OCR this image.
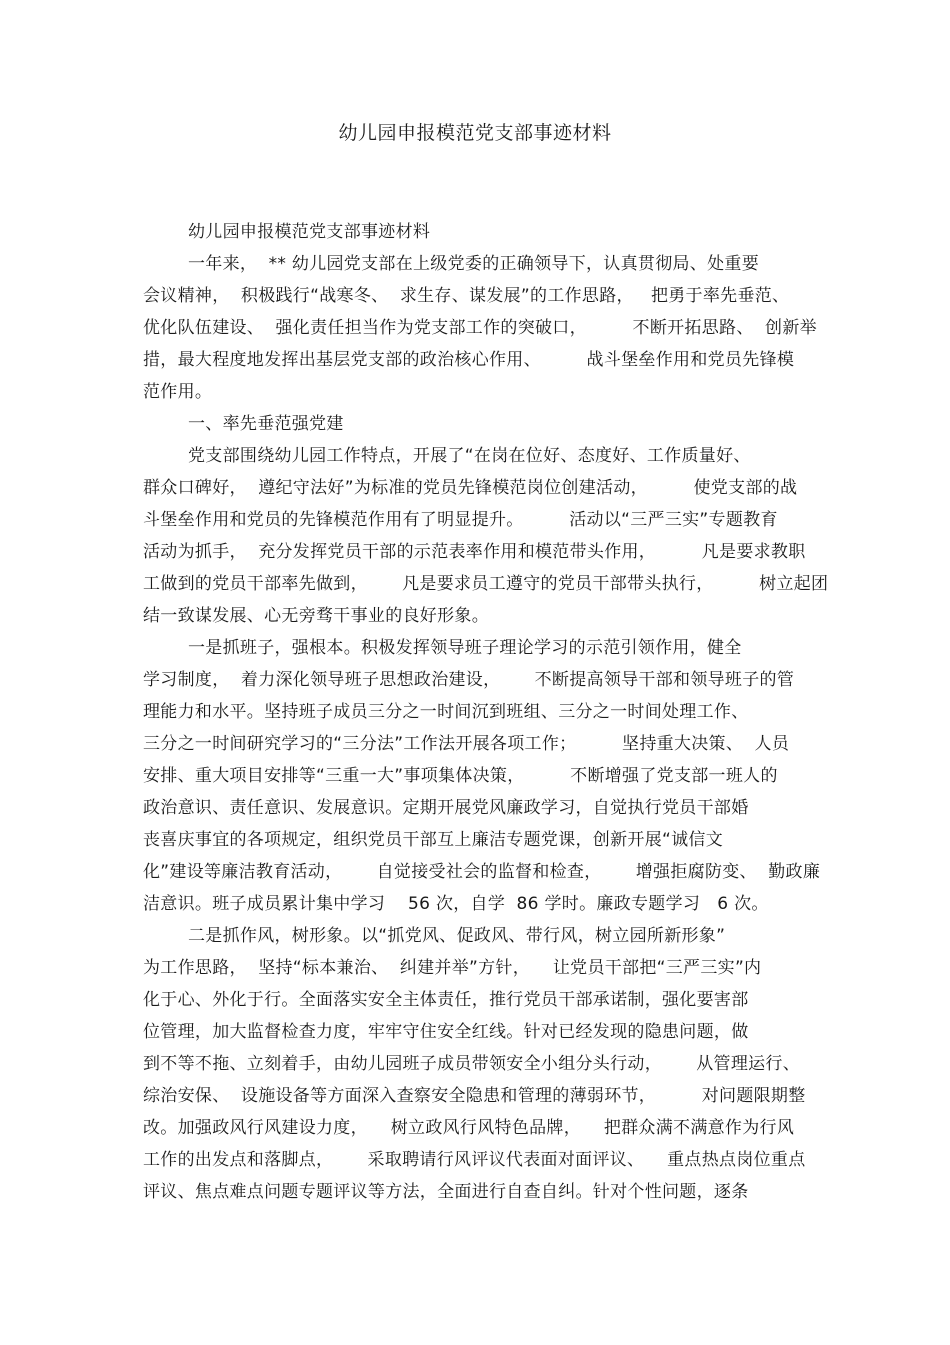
幼儿园申报模范党支部事迹材料
幼儿园申报模范党支部事迹材料
一年来，  ** 幼儿园党支部在上级党委的正确领导下，认真贯彻局、处重要
会议精神，  积极践行“战寒冬、  求生存、谋发展”的工作思路，   把勇于率先垂范、
优化队伍建设、  强化责任担当作为党支部工作的突破口，        不断开拓思路、  创新举
措，最大程度地发挥出基层党支部的政治核心作用、        战斗堡垒作用和党员先锋模
范作用。
一、率先垂范强党建
党支部围绕幼儿园工作特点，开展了“在岗在位好、态度好、工作质量好、
群众口碑好，  遵纪守法好”为标准的党员先锋模范岗位创建活动，        使党支部的战
斗堡垒作用和党员的先锋模范作用有了明显提升。        活动以“三严三实”专题教育
活动为抓手，  充分发挥党员干部的示范表率作用和模范带头作用，        凡是要求教职
工做到的党员干部率先做到，      凡是要求员工遵守的党员干部带头执行，        树立起团
结一致谋发展、心无旁骛干事业的良好形象。
一是抓班子，强根本。积极发挥领导班子理论学习的示范引领作用，健全
学习制度，  着力深化领导班子思想政治建设，      不断提高领导干部和领导班子的管
理能力和水平。坚持班子成员三分之一时间沉到班组、三分之一时间处理工作、
三分之一时间研究学习的“三分法”工作法开展各项工作；        坚持重大决策、  人员
安排、重大项目安排等“三重一大”事项集体决策，        不断增强了党支部一班人的
政治意识、责任意识、发展意识。定期开展党风廉政学习，自觉执行党员干部婚
丧喜庆事宜的各项规定，组织党员干部互上廉洁专题党课，创新开展“诚信文
化”建设等廉洁教育活动，      自觉接受社会的监督和检查，      增强拒腐防变、  勤政廉
洁意识。班子成员累计集中学习    56 次，自学  86 学时。廉政专题学习   6 次。
二是抓作风，树形象。以“抓党风、促政风、带行风，树立园所新形象”
为工作思路，  坚持“标本兼治、  纠建并举”方针，    让党员干部把“三严三实”内
化于心、外化于行。全面落实安全主体责任，推行党员干部承诺制，强化要害部
位管理，加大监督检查力度，牢牢守住安全红线。针对已经发现的隐患问题，做
到不等不拖、立刻着手，由幼儿园班子成员带领安全小组分头行动，      从管理运行、
综治安保、  设施设备等方面深入查察安全隐患和管理的薄弱环节，        对问题限期整
改。加强政风行风建设力度，    树立政风行风特色品牌，    把群众满不满意作为行风
工作的出发点和落脚点，      采取聘请行风评议代表面对面评议、    重点热点岗位重点
评议、焦点难点问题专题评议等方法，全面进行自查自纠。针对个性问题，逐条
